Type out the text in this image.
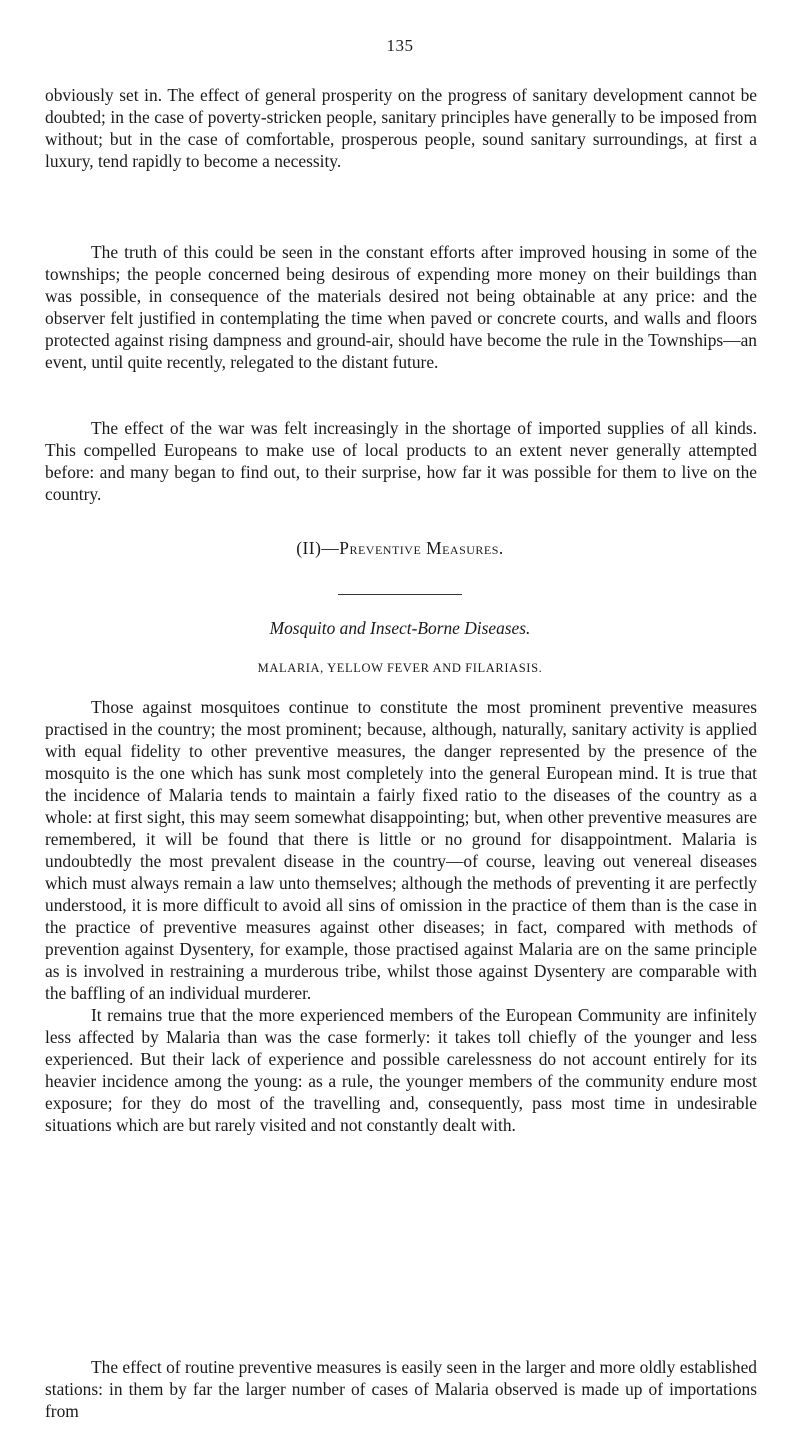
135

obviously set in. The effect of general prosperity on the progress of sanitary development cannot be doubted; in the case of poverty-stricken people, sanitary principles have generally to be imposed from without; but in the case of comfortable, prosperous people, sound sanitary surroundings, at first a luxury, tend rapidly to become a necessity.

The truth of this could be seen in the constant efforts after improved housing in some of the townships; the people concerned being desirous of expending more money on their buildings than was possible, in consequence of the materials desired not being obtainable at any price: and the observer felt justified in contemplating the time when paved or concrete courts, and walls and floors protected against rising dampness and ground-air, should have become the rule in the Townships—an event, until quite recently, relegated to the distant future.

The effect of the war was felt increasingly in the shortage of imported supplies of all kinds. This compelled Europeans to make use of local products to an extent never generally attempted before: and many began to find out, to their surprise, how far it was possible for them to live on the country.

(II)—Preventive Measures.
Mosquito and Insect-Borne Diseases.
MALARIA, YELLOW FEVER AND FILARIASIS.

Those against mosquitoes continue to constitute the most prominent preventive measures practised in the country; the most prominent; because, although, naturally, sanitary activity is applied with equal fidelity to other preventive measures, the danger represented by the presence of the mosquito is the one which has sunk most completely into the general European mind. It is true that the incidence of Malaria tends to maintain a fairly fixed ratio to the diseases of the country as a whole: at first sight, this may seem somewhat disappointing; but, when other preventive measures are remembered, it will be found that there is little or no ground for disappointment. Malaria is undoubtedly the most prevalent disease in the country—of course, leaving out venereal diseases which must always remain a law unto themselves; although the methods of preventing it are perfectly understood, it is more difficult to avoid all sins of omission in the practice of them than is the case in the practice of preventive measures against other diseases; in fact, compared with methods of prevention against Dysentery, for example, those practised against Malaria are on the same principle as is involved in restraining a murderous tribe, whilst those against Dysentery are comparable with the baffling of an individual murderer.

It remains true that the more experienced members of the European Community are infinitely less affected by Malaria than was the case formerly: it takes toll chiefly of the younger and less experienced. But their lack of experience and possible carelessness do not account entirely for its heavier incidence among the young: as a rule, the younger members of the community endure most exposure; for they do most of the travelling and, consequently, pass most time in undesirable situations which are but rarely visited and not constantly dealt with.

The effect of routine preventive measures is easily seen in the larger and more oldly established stations: in them by far the larger number of cases of Malaria observed is made up of importations from
